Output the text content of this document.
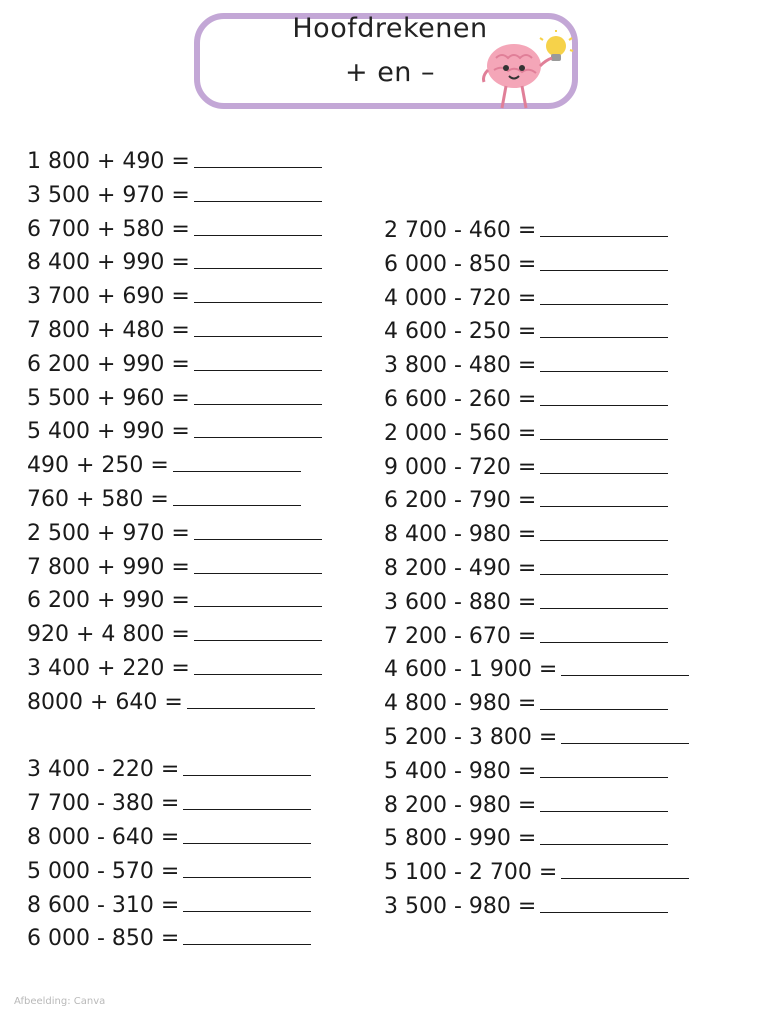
Hoofdrekenen
+ en –
1 800 + 490 =
3 500 + 970 =
6 700 + 580 =
8 400 + 990 =
3 700 + 690 =
7 800 + 480 =
6 200 + 990 =
5 500 + 960 =
5 400 + 990 =
490 + 250 =
760 + 580 =
2 500 + 970 =
7 800 + 990 =
6 200 + 990 =
920 + 4 800 =
3 400 + 220 =
8000 + 640 =
3 400 - 220 =
7 700 - 380 =
8 000 - 640 =
5 000 - 570 =
8 600 - 310 =
6 000 - 850 =
2 700 - 460 =
6 000 - 850 =
4 000 - 720 =
4 600 - 250 =
3 800 - 480 =
6 600 - 260 =
2 000 - 560 =
9 000 - 720 =
6 200 - 790 =
8 400 - 980 =
8 200 - 490 =
3 600 - 880 =
7 200 - 670 =
4 600 - 1 900 =
4 800 - 980 =
5 200 - 3 800 =
5 400 - 980 =
8 200 - 980 =
5 800 - 990 =
5 100 - 2 700 =
3 500 - 980 =
Afbeelding: Canva
